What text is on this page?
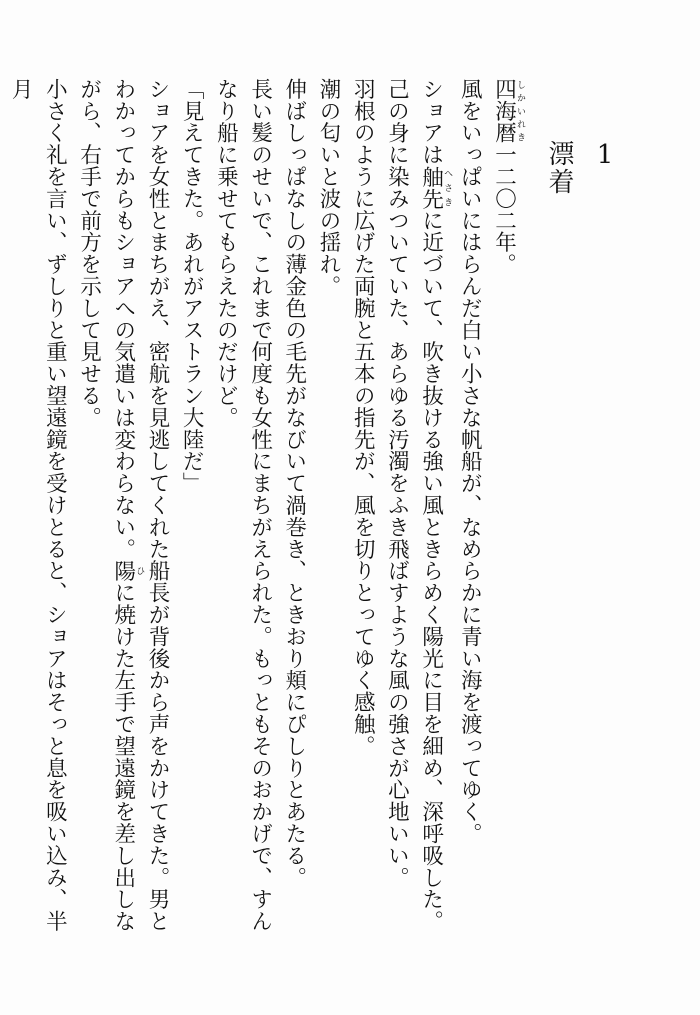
1
漂着

四海暦しかいれき一二〇二年。

風をいっぱいにはらんだ白い小さな帆船が、なめらかに青い海を渡ってゆく。

ショアは舳先へさきに近づいて、吹き抜ける強い風ときらめく陽光に目を細め、深呼吸した。

己の身に染みついていた、あらゆる汚濁をふき飛ばすような風の強さが心地いい。

羽根のように広げた両腕と五本の指先が、風を切りとってゆく感触。

潮の匂いと波の揺れ。

伸ばしっぱなしの薄金色の毛先がなびいて渦巻き、ときおり頬にぴしりとあたる。

長い髪のせいで、これまで何度も女性にまちがえられた。もっともそのおかげで、すんなり船に乗せてもらえたのだけど。

「見えてきた。あれがアストラン大陸だ」

ショアを女性とまちがえ、密航を見逃してくれた船長が背後から声をかけてきた。男とわかってからもショアへの気遣いは変わらない。陽ひに焼けた左手で望遠鏡を差し出しながら、右手で前方を示して見せる。

小さく礼を言い、ずしりと重い望遠鏡を受けとると、ショアはそっと息を吸い込み、半月
